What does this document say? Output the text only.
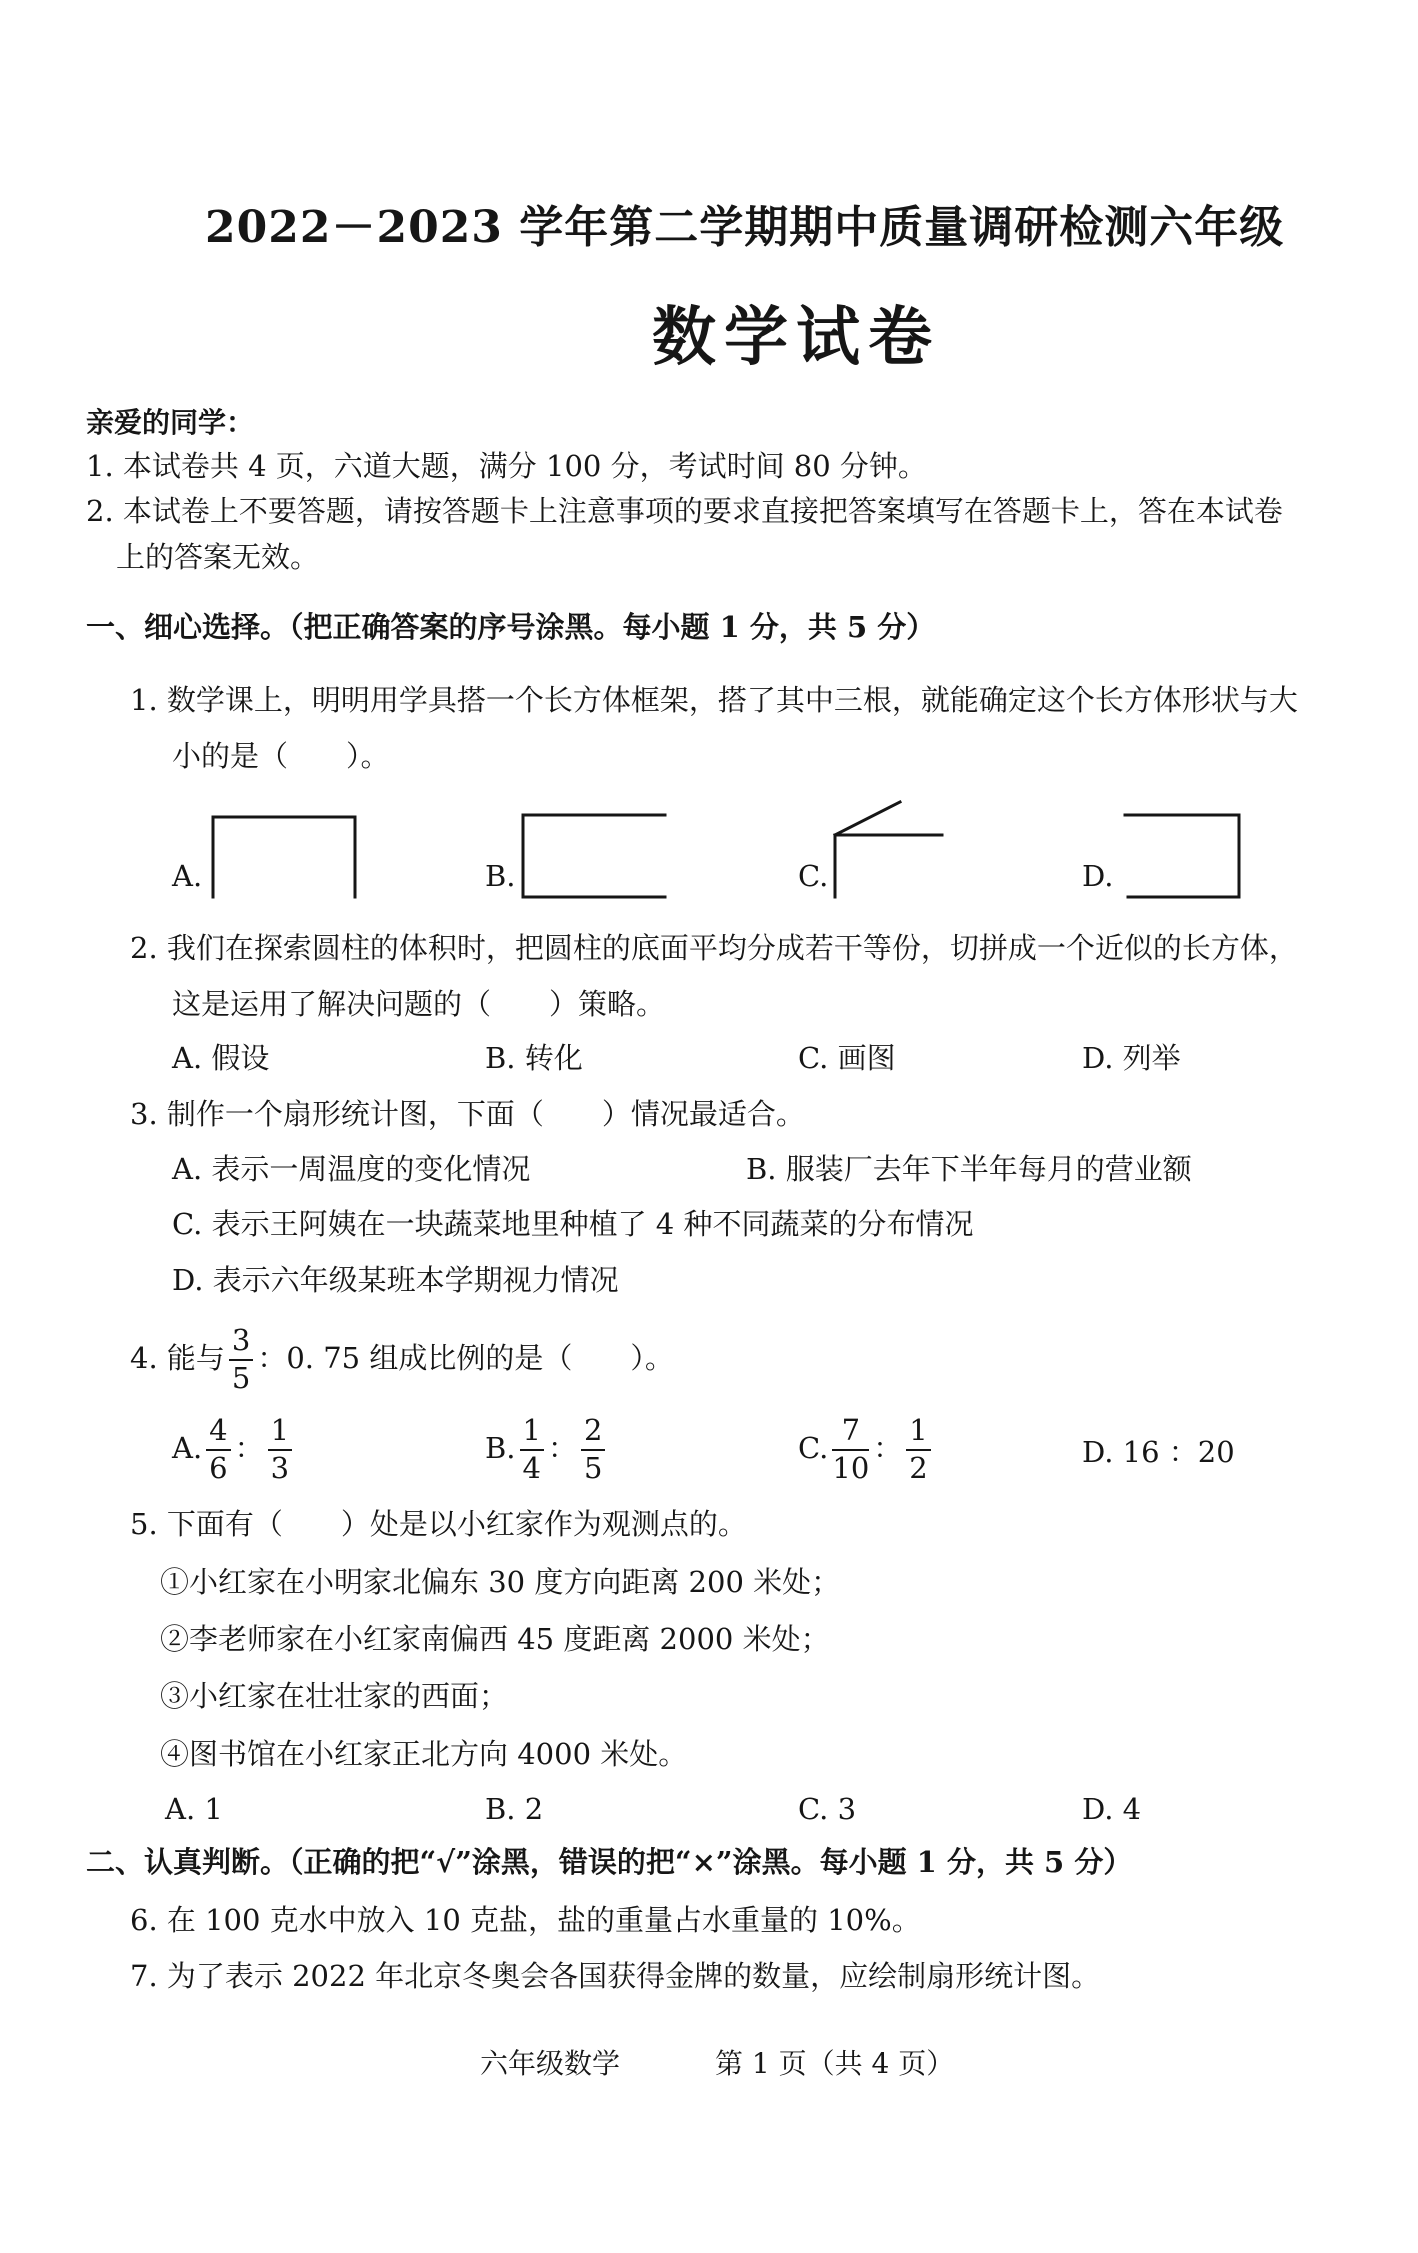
2022－2023 学年第二学期期中质量调研检测六年级
数学试卷
亲爱的同学：
1. 本试卷共 4 页，六道大题，满分 100 分，考试时间 80 分钟。
2. 本试卷上不要答题，请按答题卡上注意事项的要求直接把答案填写在答题卡上，答在本试卷
上的答案无效。
一、细心选择。（把正确答案的序号涂黑。每小题 1 分，共 5 分）
1. 数学课上，明明用学具搭一个长方体框架，搭了其中三根，就能确定这个长方体形状与大
小的是（　　）。
A.	B.	C.	D.
2. 我们在探索圆柱的体积时，把圆柱的底面平均分成若干等份，切拼成一个近似的长方体，
这是运用了解决问题的（　　）策略。
A. 假设	B. 转化	C. 画图	D. 列举
3. 制作一个扇形统计图，下面（　　）情况最适合。
A. 表示一周温度的变化情况	B. 服装厂去年下半年每月的营业额
C. 表示王阿姨在一块蔬菜地里种植了 4 种不同蔬菜的分布情况
D. 表示六年级某班本学期视力情况
4. 能与 $\frac{3}{5}$ ：0. 75 组成比例的是（　　）。
A. $\frac{4}{6}$ ： $\frac{1}{3}$	B. $\frac{1}{4}$ ： $\frac{2}{5}$	C. $\frac{7}{10}$ ： $\frac{1}{2}$	D. 16 ：20
5. 下面有（　　）处是以小红家作为观测点的。
①小红家在小明家北偏东 30 度方向距离 200 米处；
②李老师家在小红家南偏西 45 度距离 2000 米处；
③小红家在壮壮家的西面；
④图书馆在小红家正北方向 4000 米处。
A. 1	B. 2	C. 3	D. 4
二、认真判断。（正确的把“√”涂黑，错误的把“×”涂黑。每小题 1 分，共 5 分）
6. 在 100 克水中放入 10 克盐，盐的重量占水重量的 10%。
7. 为了表示 2022 年北京冬奥会各国获得金牌的数量，应绘制扇形统计图。
六年级数学	第 1 页（共 4 页）
